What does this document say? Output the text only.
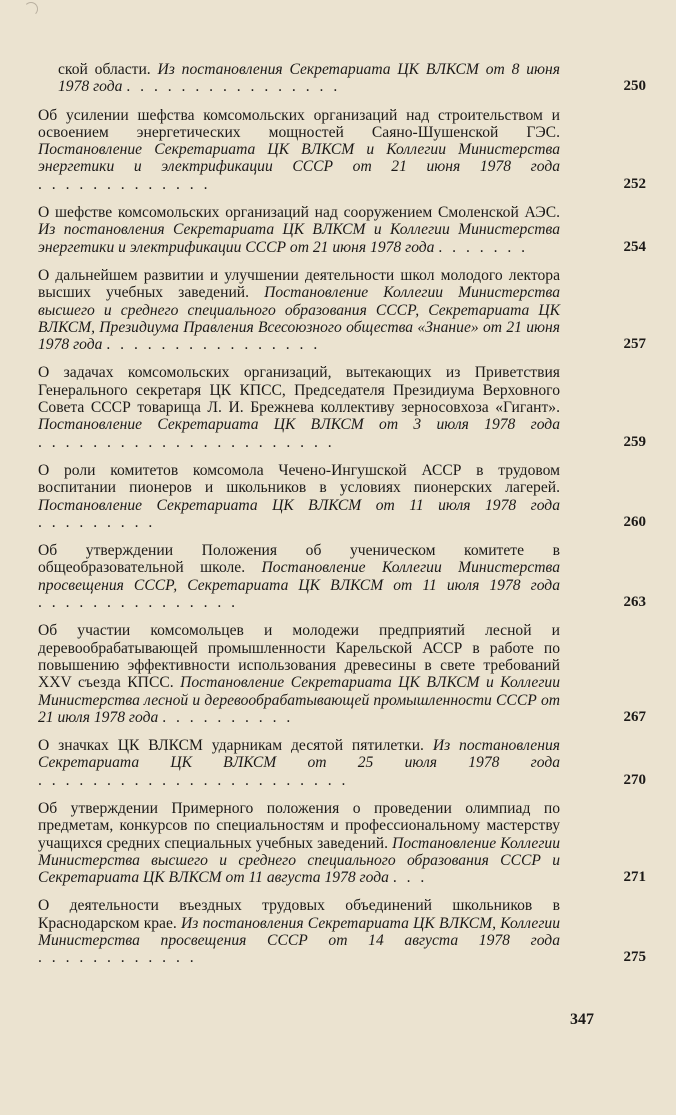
ской области. Из постановления Секретариата ЦК ВЛКСМ от 8 июня 1978 года . . . . . . . . . . . . . . . .	250
Об усилении шефства комсомольских организаций над строительством и освоением энергетических мощностей Саяно-Шушенской ГЭС. Постановление Секретариата ЦК ВЛКСМ и Коллегии Министерства энергетики и электрификации СССР от 21 июня 1978 года . . . . . . . . . . . . .	252
О шефстве комсомольских организаций над сооружением Смоленской АЭС. Из постановления Секретариата ЦК ВЛКСМ и Коллегии Министерства энергетики и электрификации СССР от 21 июня 1978 года . . . . . . .	254
О дальнейшем развитии и улучшении деятельности школ молодого лектора высших учебных заведений. Постановление Коллегии Министерства высшего и среднего специального образования СССР, Секретариата ЦК ВЛКСМ, Президиума Правления Всесоюзного общества «Знание» от 21 июня 1978 года . . . . . . . . . . . . . . . .	257
О задачах комсомольских организаций, вытекающих из Приветствия Генерального секретаря ЦК КПСС, Председателя Президиума Верховного Совета СССР товарища Л. И. Брежнева коллективу зерносовхоза «Гигант». Постановление Секретариата ЦК ВЛКСМ от 3 июля 1978 года . . . . . . . . . . . . . . . . . . . . . .	259
О роли комитетов комсомола Чечено-Ингушской АССР в трудовом воспитании пионеров и школьников в условиях пионерских лагерей. Постановление Секретариата ЦК ВЛКСМ от 11 июля 1978 года . . . . . . . . .	260
Об утверждении Положения об ученическом комитете в общеобразовательной школе. Постановление Коллегии Министерства просвещения СССР, Секретариата ЦК ВЛКСМ от 11 июля 1978 года . . . . . . . . . . . . . . .	263
Об участии комсомольцев и молодежи предприятий лесной и деревообрабатывающей промышленности Карельской АССР в работе по повышению эффективности использования древесины в свете требований XXV съезда КПСС. Постановление Секретариата ЦК ВЛКСМ и Коллегии Министерства лесной и деревообрабатывающей промышленности СССР от 21 июля 1978 года . . . . . . . . . .	267
О значках ЦК ВЛКСМ ударникам десятой пятилетки. Из постановления Секретариата ЦК ВЛКСМ от 25 июля 1978 года . . . . . . . . . . . . . . . . . . . . . . .	270
Об утверждении Примерного положения о проведении олимпиад по предметам, конкурсов по специальностям и профессиональному мастерству учащихся средних специальных учебных заведений. Постановление Коллегии Министерства высшего и среднего специального образования СССР и Секретариата ЦК ВЛКСМ от 11 августа 1978 года . . .	271
О деятельности въездных трудовых объединений школьников в Краснодарском крае. Из постановления Секретариата ЦК ВЛКСМ, Коллегии Министерства просвещения СССР от 14 августа 1978 года . . . . . . . . . . . .	275
347
